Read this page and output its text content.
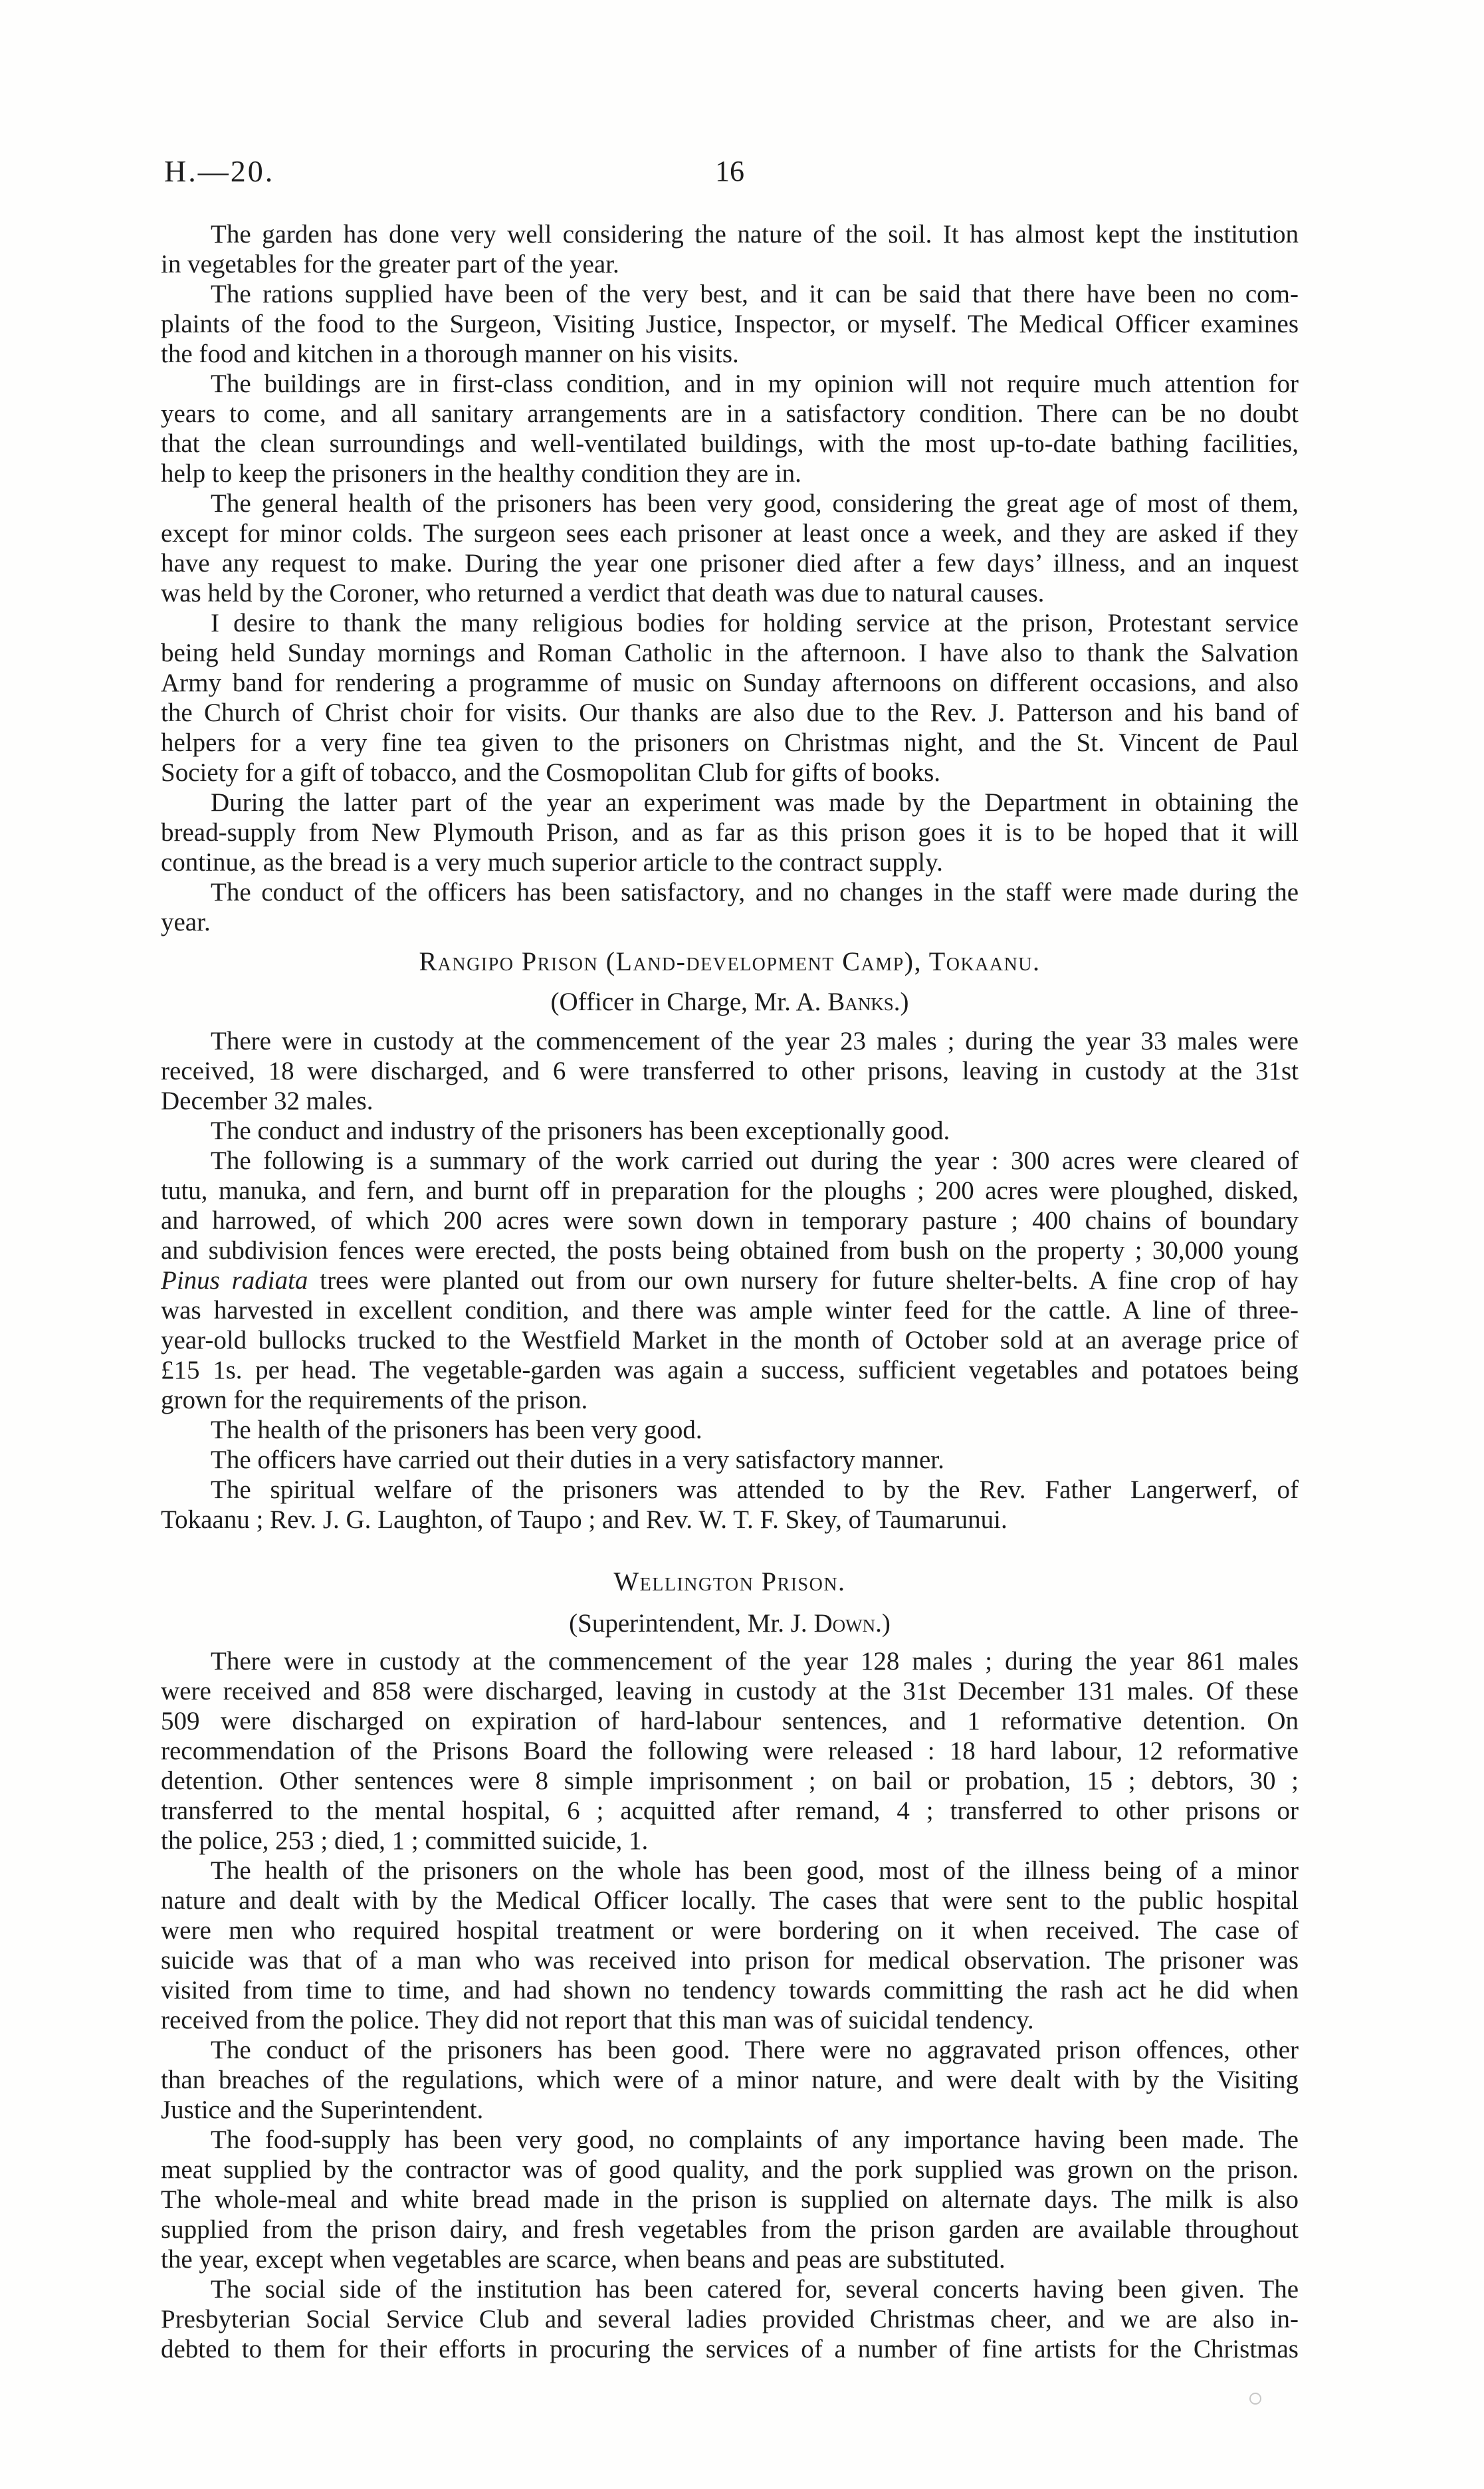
H.—20.	16
The garden has done very well considering the nature of the soil. It has almost kept the institution
in vegetables for the greater part of the year.
The rations supplied have been of the very best, and it can be said that there have been no com-
plaints of the food to the Surgeon, Visiting Justice, Inspector, or myself. The Medical Officer examines
the food and kitchen in a thorough manner on his visits.
The buildings are in first-class condition, and in my opinion will not require much attention for
years to come, and all sanitary arrangements are in a satisfactory condition. There can be no doubt
that the clean surroundings and well-ventilated buildings, with the most up-to-date bathing facilities,
help to keep the prisoners in the healthy condition they are in.
The general health of the prisoners has been very good, considering the great age of most of them,
except for minor colds. The surgeon sees each prisoner at least once a week, and they are asked if they
have any request to make. During the year one prisoner died after a few days’ illness, and an inquest
was held by the Coroner, who returned a verdict that death was due to natural causes.
I desire to thank the many religious bodies for holding service at the prison, Protestant service
being held Sunday mornings and Roman Catholic in the afternoon. I have also to thank the Salvation
Army band for rendering a programme of music on Sunday afternoons on different occasions, and also
the Church of Christ choir for visits. Our thanks are also due to the Rev. J. Patterson and his band of
helpers for a very fine tea given to the prisoners on Christmas night, and the St. Vincent de Paul
Society for a gift of tobacco, and the Cosmopolitan Club for gifts of books.
During the latter part of the year an experiment was made by the Department in obtaining the
bread-supply from New Plymouth Prison, and as far as this prison goes it is to be hoped that it will
continue, as the bread is a very much superior article to the contract supply.
The conduct of the officers has been satisfactory, and no changes in the staff were made during the
year.
Rangipo Prison (Land-development Camp), Tokaanu.
(Officer in Charge, Mr. A. Banks.)
There were in custody at the commencement of the year 23 males ; during the year 33 males were
received, 18 were discharged, and 6 were transferred to other prisons, leaving in custody at the 31st
December 32 males.
The conduct and industry of the prisoners has been exceptionally good.
The following is a summary of the work carried out during the year : 300 acres were cleared of
tutu, manuka, and fern, and burnt off in preparation for the ploughs ; 200 acres were ploughed, disked,
and harrowed, of which 200 acres were sown down in temporary pasture ; 400 chains of boundary
and subdivision fences were erected, the posts being obtained from bush on the property ; 30,000 young
Pinus radiata trees were planted out from our own nursery for future shelter-belts. A fine crop of hay
was harvested in excellent condition, and there was ample winter feed for the cattle. A line of three-
year-old bullocks trucked to the Westfield Market in the month of October sold at an average price of
£15 1s. per head. The vegetable-garden was again a success, sufficient vegetables and potatoes being
grown for the requirements of the prison.
The health of the prisoners has been very good.
The officers have carried out their duties in a very satisfactory manner.
The spiritual welfare of the prisoners was attended to by the Rev. Father Langerwerf, of
Tokaanu ; Rev. J. G. Laughton, of Taupo ; and Rev. W. T. F. Skey, of Taumarunui.
Wellington Prison.
(Superintendent, Mr. J. Down.)
There were in custody at the commencement of the year 128 males ; during the year 861 males
were received and 858 were discharged, leaving in custody at the 31st December 131 males. Of these
509 were discharged on expiration of hard-labour sentences, and 1 reformative detention. On
recommendation of the Prisons Board the following were released : 18 hard labour, 12 reformative
detention. Other sentences were 8 simple imprisonment ; on bail or probation, 15 ; debtors, 30 ;
transferred to the mental hospital, 6 ; acquitted after remand, 4 ; transferred to other prisons or
the police, 253 ; died, 1 ; committed suicide, 1.
The health of the prisoners on the whole has been good, most of the illness being of a minor
nature and dealt with by the Medical Officer locally. The cases that were sent to the public hospital
were men who required hospital treatment or were bordering on it when received. The case of
suicide was that of a man who was received into prison for medical observation. The prisoner was
visited from time to time, and had shown no tendency towards committing the rash act he did when
received from the police. They did not report that this man was of suicidal tendency.
The conduct of the prisoners has been good. There were no aggravated prison offences, other
than breaches of the regulations, which were of a minor nature, and were dealt with by the Visiting
Justice and the Superintendent.
The food-supply has been very good, no complaints of any importance having been made. The
meat supplied by the contractor was of good quality, and the pork supplied was grown on the prison.
The whole-meal and white bread made in the prison is supplied on alternate days. The milk is also
supplied from the prison dairy, and fresh vegetables from the prison garden are available throughout
the year, except when vegetables are scarce, when beans and peas are substituted.
The social side of the institution has been catered for, several concerts having been given. The
Presbyterian Social Service Club and several ladies provided Christmas cheer, and we are also in-
debted to them for their efforts in procuring the services of a number of fine artists for the Christmas
